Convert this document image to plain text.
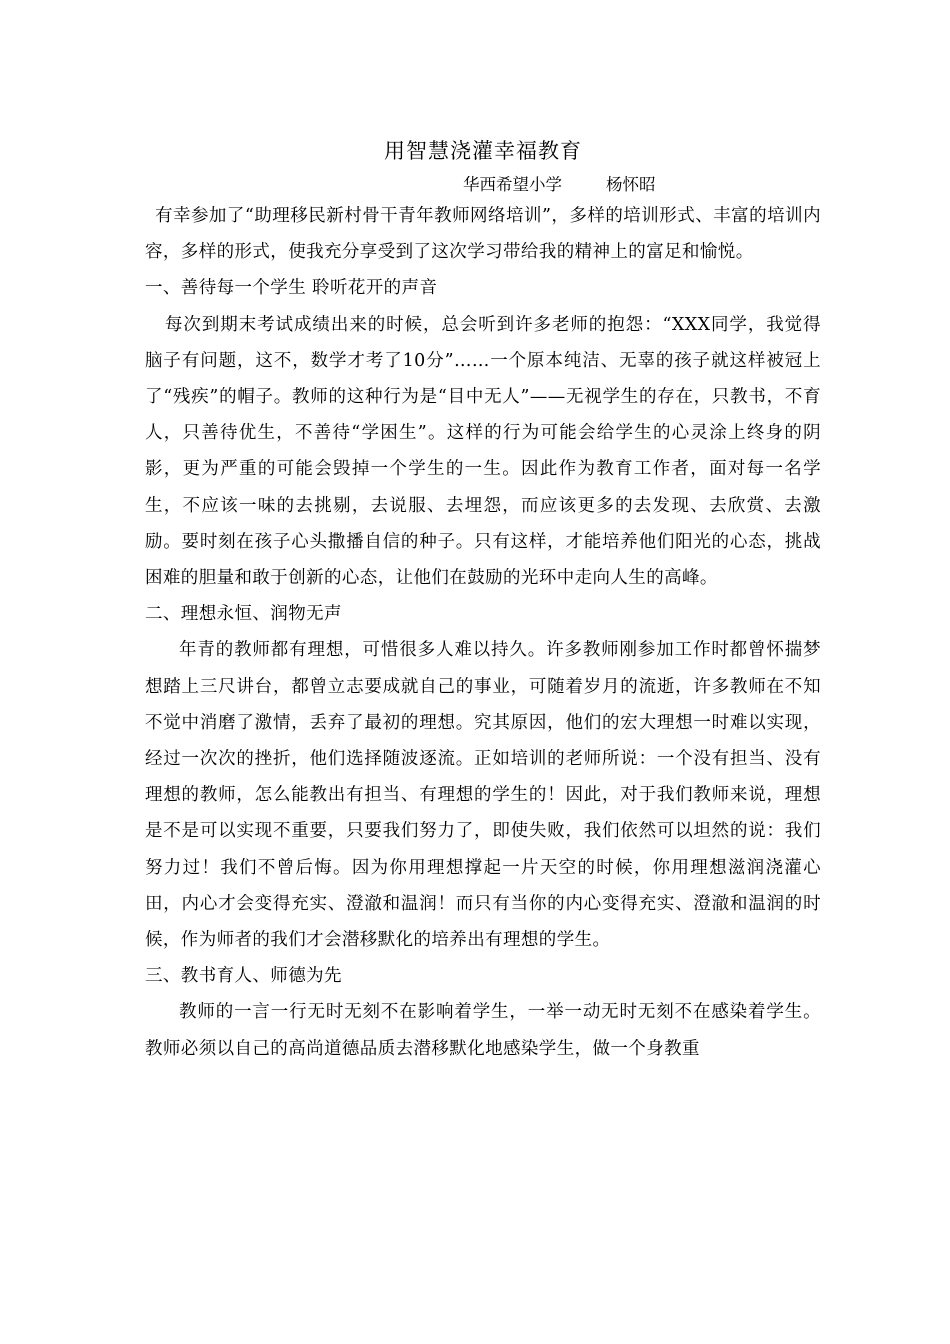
用智慧浇灌幸福教育
华西希望小学	杨怀昭

有幸参加了“助理移民新村骨干青年教师网络培训”，多样的培训形式、丰富的培训内容，多样的形式，使我充分享受到了这次学习带给我的精神上的富足和愉悦。

一、善待每一个学生 聆听花开的声音

每次到期末考试成绩出来的时候，总会听到许多老师的抱怨：“XXX同学，我觉得脑子有问题，这不，数学才考了10分”……一个原本纯洁、无辜的孩子就这样被冠上了“残疾”的帽子。教师的这种行为是“目中无人”——无视学生的存在，只教书，不育人，只善待优生，不善待“学困生”。这样的行为可能会给学生的心灵涂上终身的阴影，更为严重的可能会毁掉一个学生的一生。因此作为教育工作者，面对每一名学生，不应该一味的去挑剔，去说服、去埋怨，而应该更多的去发现、去欣赏、去激励。要时刻在孩子心头撒播自信的种子。只有这样，才能培养他们阳光的心态，挑战困难的胆量和敢于创新的心态，让他们在鼓励的光环中走向人生的高峰。

二、理想永恒、润物无声

年青的教师都有理想，可惜很多人难以持久。许多教师刚参加工作时都曾怀揣梦想踏上三尺讲台，都曾立志要成就自己的事业，可随着岁月的流逝，许多教师在不知不觉中消磨了激情，丢弃了最初的理想。究其原因，他们的宏大理想一时难以实现，经过一次次的挫折，他们选择随波逐流。正如培训的老师所说：一个没有担当、没有理想的教师，怎么能教出有担当、有理想的学生的！因此，对于我们教师来说，理想是不是可以实现不重要，只要我们努力了，即使失败，我们依然可以坦然的说：我们努力过！我们不曾后悔。因为你用理想撑起一片天空的时候，你用理想滋润浇灌心田，内心才会变得充实、澄澈和温润！而只有当你的内心变得充实、澄澈和温润的时候，作为师者的我们才会潜移默化的培养出有理想的学生。

三、教书育人、师德为先

教师的一言一行无时无刻不在影响着学生，一举一动无时无刻不在感染着学生。教师必须以自己的高尚道德品质去潜移默化地感染学生，做一个身教重
